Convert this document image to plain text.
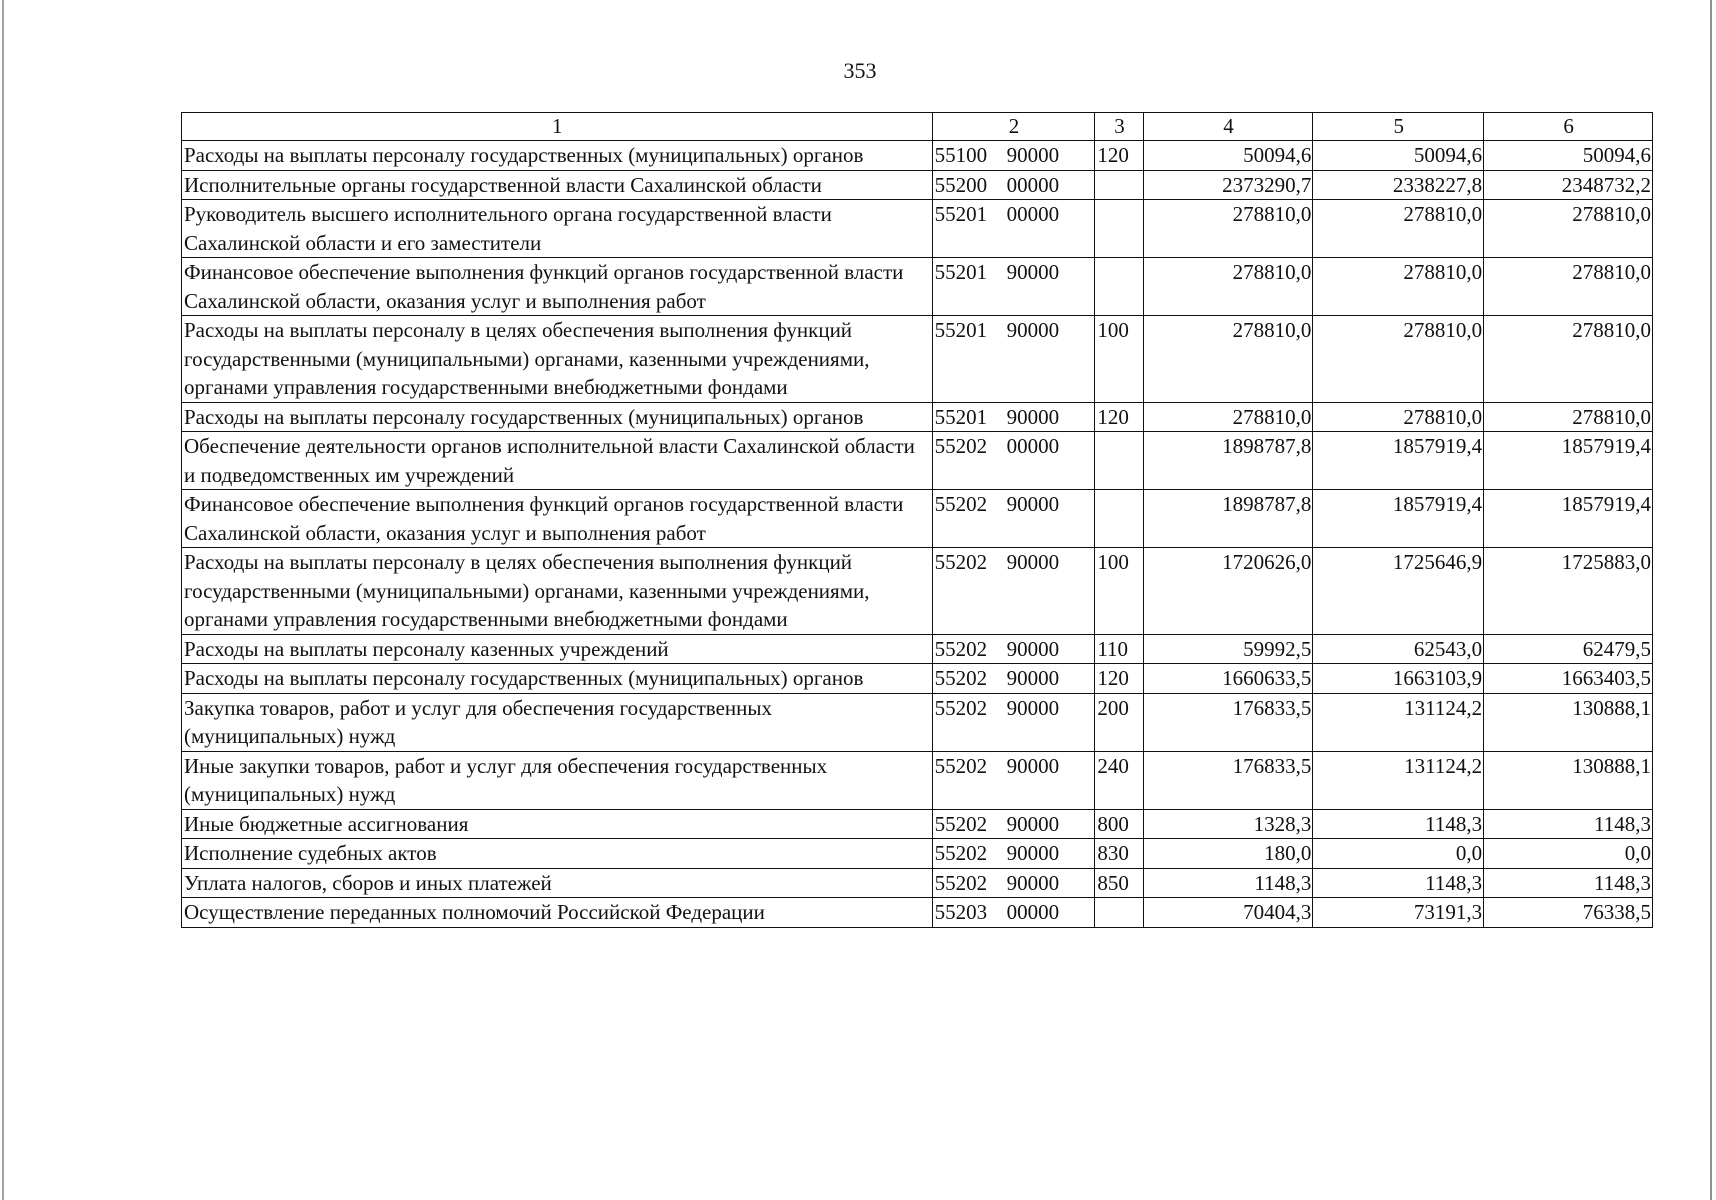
353
1	2	3	4	5	6
Расходы на выплаты персоналу государственных (муниципальных) органов	55100 90000	120	50094,6	50094,6	50094,6
Исполнительные органы государственной власти Сахалинской области	55200 00000		2373290,7	2338227,8	2348732,2
Руководитель высшего исполнительного органа государственной власти Сахалинской области и его заместители	55201 00000		278810,0	278810,0	278810,0
Финансовое обеспечение выполнения функций органов государственной власти Сахалинской области, оказания услуг и выполнения работ	55201 90000		278810,0	278810,0	278810,0
Расходы на выплаты персоналу в целях обеспечения выполнения функций государственными (муниципальными) органами, казенными учреждениями, органами управления государственными внебюджетными фондами	55201 90000	100	278810,0	278810,0	278810,0
Расходы на выплаты персоналу государственных (муниципальных) органов	55201 90000	120	278810,0	278810,0	278810,0
Обеспечение деятельности органов исполнительной власти Сахалинской области и подведомственных им учреждений	55202 00000		1898787,8	1857919,4	1857919,4
Финансовое обеспечение выполнения функций органов государственной власти Сахалинской области, оказания услуг и выполнения работ	55202 90000		1898787,8	1857919,4	1857919,4
Расходы на выплаты персоналу в целях обеспечения выполнения функций государственными (муниципальными) органами, казенными учреждениями, органами управления государственными внебюджетными фондами	55202 90000	100	1720626,0	1725646,9	1725883,0
Расходы на выплаты персоналу казенных учреждений	55202 90000	110	59992,5	62543,0	62479,5
Расходы на выплаты персоналу государственных (муниципальных) органов	55202 90000	120	1660633,5	1663103,9	1663403,5
Закупка товаров, работ и услуг для обеспечения государственных (муниципальных) нужд	55202 90000	200	176833,5	131124,2	130888,1
Иные закупки товаров, работ и услуг для обеспечения государственных (муниципальных) нужд	55202 90000	240	176833,5	131124,2	130888,1
Иные бюджетные ассигнования	55202 90000	800	1328,3	1148,3	1148,3
Исполнение судебных актов	55202 90000	830	180,0	0,0	0,0
Уплата налогов, сборов и иных платежей	55202 90000	850	1148,3	1148,3	1148,3
Осуществление переданных полномочий Российской Федерации	55203 00000		70404,3	73191,3	76338,5
